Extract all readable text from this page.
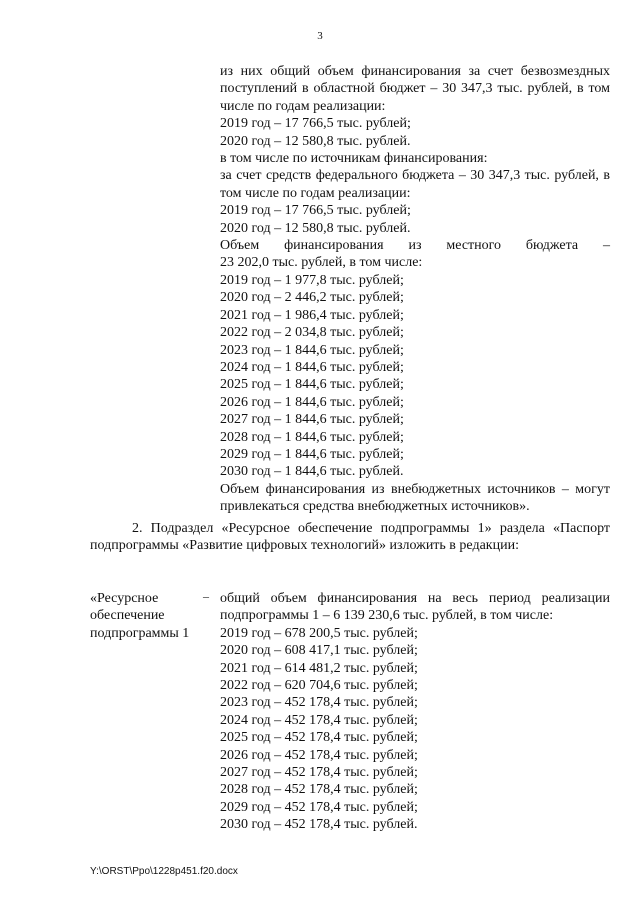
3
из них общий объем финансирования за счет безвозмездных поступлений в областной бюджет – 30 347,3 тыс. рублей, в том числе по годам реализации:
2019 год – 17 766,5 тыс. рублей;
2020 год – 12 580,8 тыс. рублей.
в том числе по источникам финансирования:
за счет средств федерального бюджета – 30 347,3 тыс. рублей, в том числе по годам реализации:
2019 год – 17 766,5 тыс. рублей;
2020 год – 12 580,8 тыс. рублей.
Объем финансирования из местного бюджета –
23 202,0 тыс. рублей, в том числе:
2019 год – 1 977,8 тыс. рублей;
2020 год – 2 446,2 тыс. рублей;
2021 год – 1 986,4 тыс. рублей;
2022 год – 2 034,8 тыс. рублей;
2023 год – 1 844,6 тыс. рублей;
2024 год – 1 844,6 тыс. рублей;
2025 год – 1 844,6 тыс. рублей;
2026 год – 1 844,6 тыс. рублей;
2027 год – 1 844,6 тыс. рублей;
2028 год – 1 844,6 тыс. рублей;
2029 год – 1 844,6 тыс. рублей;
2030 год – 1 844,6 тыс. рублей.
Объем финансирования из внебюджетных источников – могут привлекаться средства внебюджетных источников».
2. Подраздел «Ресурсное обеспечение подпрограммы 1» раздела «Паспорт подпрограммы «Развитие цифровых технологий» изложить в редакции:
«Ресурсное обеспечение подпрограммы 1
– общий объем финансирования на весь период реализации подпрограммы 1 – 6 139 230,6 тыс. рублей, в том числе:
2019 год – 678 200,5 тыс. рублей;
2020 год – 608 417,1 тыс. рублей;
2021 год – 614 481,2 тыс. рублей;
2022 год – 620 704,6 тыс. рублей;
2023 год – 452 178,4 тыс. рублей;
2024 год – 452 178,4 тыс. рублей;
2025 год – 452 178,4 тыс. рублей;
2026 год – 452 178,4 тыс. рублей;
2027 год – 452 178,4 тыс. рублей;
2028 год – 452 178,4 тыс. рублей;
2029 год – 452 178,4 тыс. рублей;
2030 год – 452 178,4 тыс. рублей.
Y:\ORST\Ppo\1228p451.f20.docx
